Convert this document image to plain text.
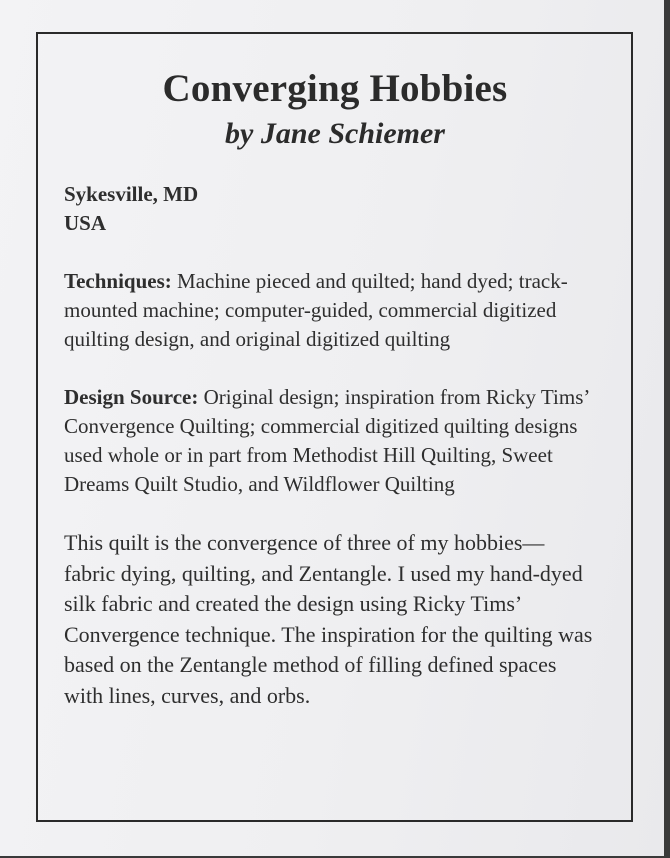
Converging Hobbies
by Jane Schiemer

Sykesville, MD

USA

Techniques: Machine pieced and quilted; hand dyed; track-mounted machine; computer-guided, commercial digitized quilting design, and original digitized quilting

Design Source: Original design; inspiration from Ricky Tims’ Convergence Quilting; commercial digitized quilting designs used whole or in part from Methodist Hill Quilting, Sweet Dreams Quilt Studio, and Wildflower Quilting

This quilt is the convergence of three of my hobbies—fabric dying, quilting, and Zentangle. I used my hand-dyed silk fabric and created the design using Ricky Tims’ Convergence technique. The inspiration for the quilting was based on the Zentangle method of filling defined spaces with lines, curves, and orbs.
